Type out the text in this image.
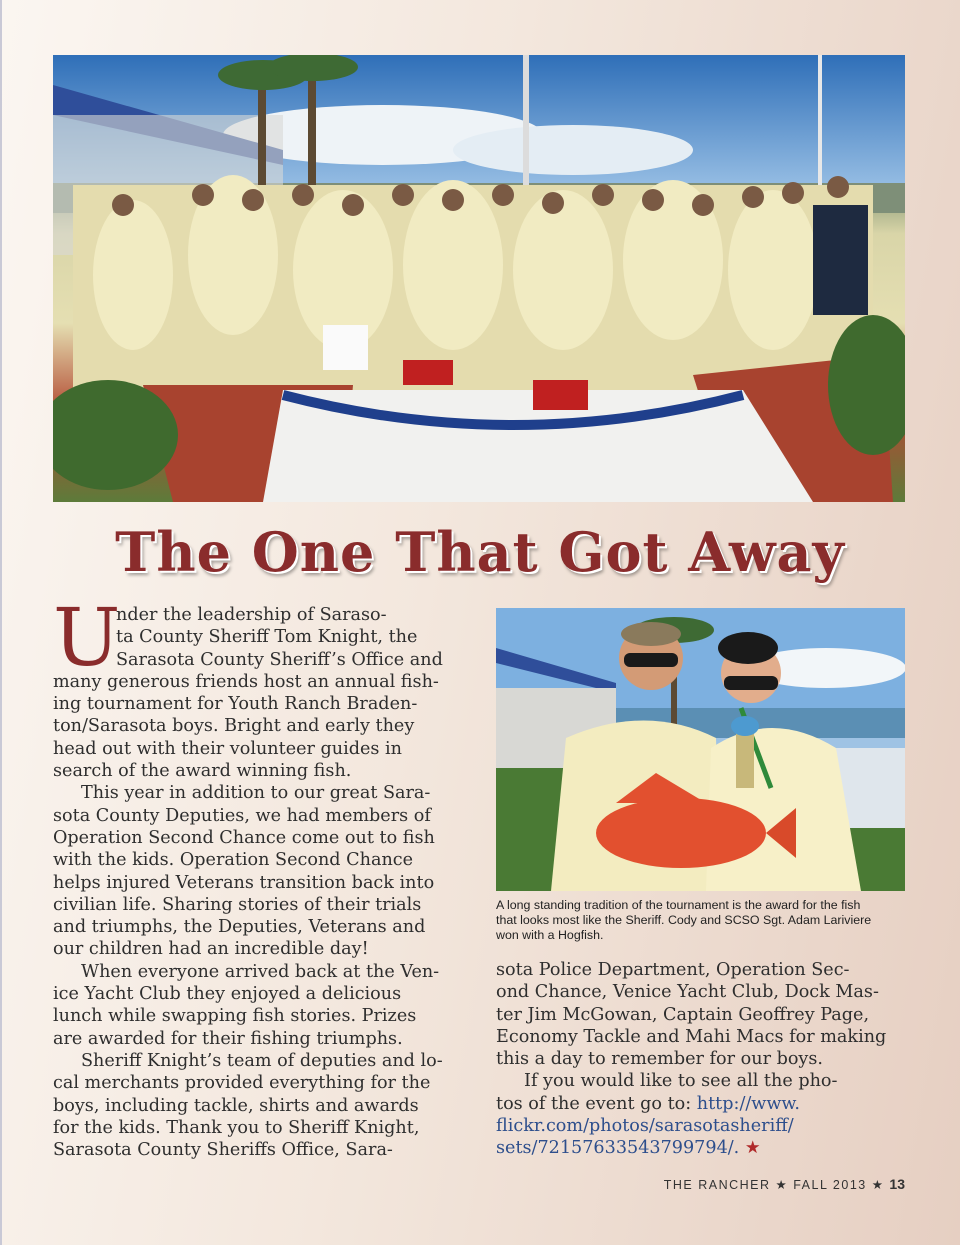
The One That Got Away
U
nder the leadership of Saraso-
ta County Sheriff Tom Knight, the
Sarasota County Sheriff’s Office and
many generous friends host an annual fish-
ing tournament for Youth Ranch Braden-
ton/Sarasota boys. Bright and early they
head out with their volunteer guides in
search of the award winning fish.
This year in addition to our great Sara-
sota County Deputies, we had members of
Operation Second Chance come out to fish
with the kids. Operation Second Chance
helps injured Veterans transition back into
civilian life. Sharing stories of their trials
and triumphs, the Deputies, Veterans and
our children had an incredible day!
When everyone arrived back at the Ven-
ice Yacht Club they enjoyed a delicious
lunch while swapping fish stories. Prizes
are awarded for their fishing triumphs.
Sheriff Knight’s team of deputies and lo-
cal merchants provided everything for the
boys, including tackle, shirts and awards
for the kids. Thank you to Sheriff Knight,
Sarasota County Sheriffs Office, Sara-
A long standing tradition of the tournament is the award for the fish
that looks most like the Sheriff. Cody and SCSO Sgt. Adam Lariviere
won with a Hogfish.
sota Police Department, Operation Sec-
ond Chance, Venice Yacht Club, Dock Mas-
ter Jim McGowan, Captain Geoffrey Page,
Economy Tackle and Mahi Macs for making
this a day to remember for our boys.
If you would like to see all the pho-
tos of the event go to: http://www.
flickr.com/photos/sarasotasheriff/
sets/72157633543799794/. ★
THE RANCHER ★ FALL 2013 ★ 13
